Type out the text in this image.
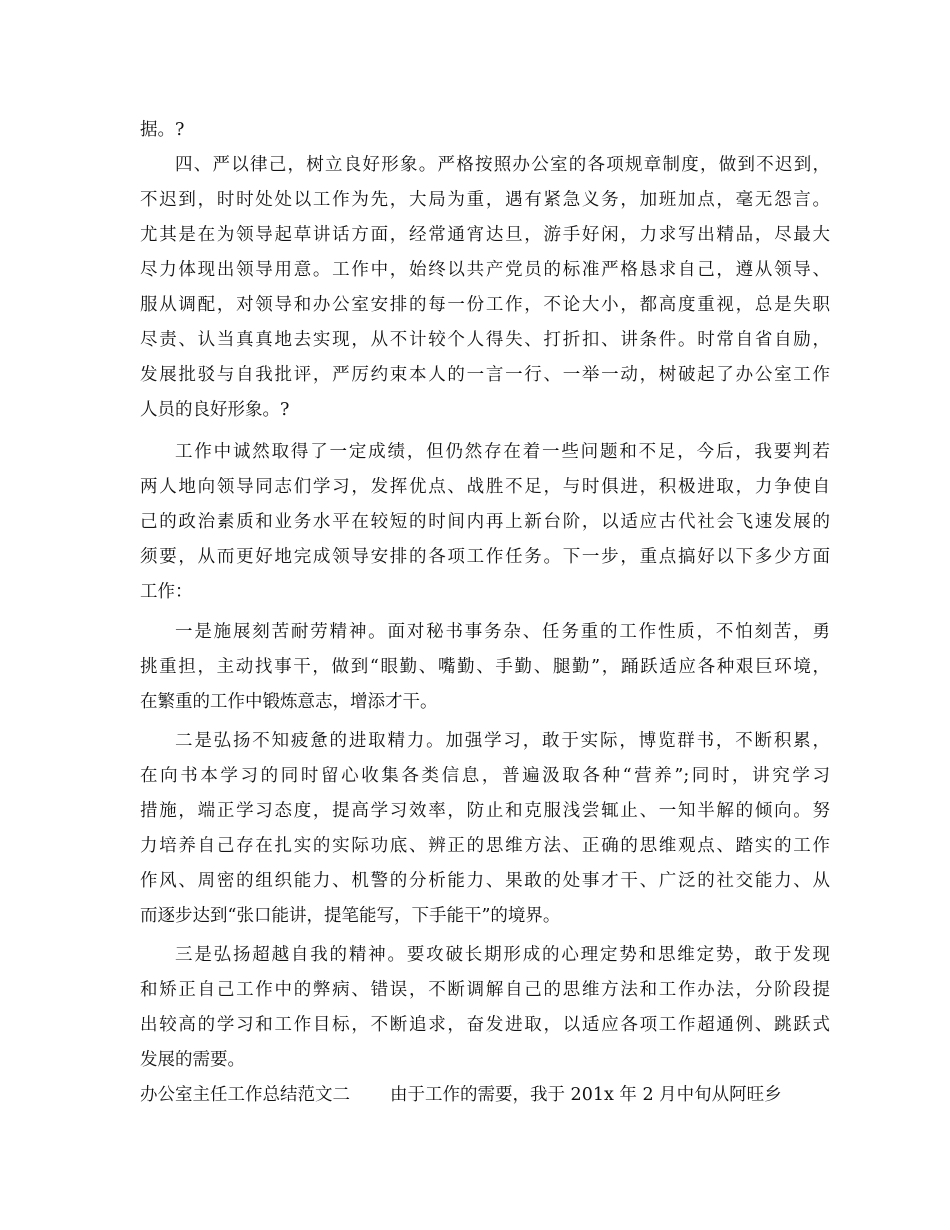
据。?
四、严以律己，树立良好形象。严格按照办公室的各项规章制度，做到不迟到，
不迟到，时时处处以工作为先，大局为重，遇有紧急义务，加班加点，毫无怨言。
尤其是在为领导起草讲话方面，经常通宵达旦，游手好闲，力求写出精品，尽最大
尽力体现出领导用意。工作中，始终以共产党员的标准严格恳求自己，遵从领导、
服从调配，对领导和办公室安排的每一份工作，不论大小，都高度重视，总是失职
尽责、认当真真地去实现，从不计较个人得失、打折扣、讲条件。时常自省自励，
发展批驳与自我批评，严厉约束本人的一言一行、一举一动，树破起了办公室工作
人员的良好形象。?
工作中诚然取得了一定成绩，但仍然存在着一些问题和不足，今后，我要判若
两人地向领导同志们学习，发挥优点、战胜不足，与时俱进，积极进取，力争使自
己的政治素质和业务水平在较短的时间内再上新台阶，以适应古代社会飞速发展的
须要，从而更好地完成领导安排的各项工作任务。下一步，重点搞好以下多少方面
工作：
一是施展刻苦耐劳精神。面对秘书事务杂、任务重的工作性质，不怕刻苦，勇
挑重担，主动找事干，做到“眼勤、嘴勤、手勤、腿勤”，踊跃适应各种艰巨环境，
在繁重的工作中锻炼意志，增添才干。
二是弘扬不知疲惫的进取精力。加强学习，敢于实际，博览群书，不断积累，
在向书本学习的同时留心收集各类信息，普遍汲取各种“营养”;同时，讲究学习
措施，端正学习态度，提高学习效率，防止和克服浅尝辄止、一知半解的倾向。努
力培养自己存在扎实的实际功底、辨正的思维方法、正确的思维观点、踏实的工作
作风、周密的组织能力、机警的分析能力、果敢的处事才干、广泛的社交能力、从
而逐步达到“张口能讲，提笔能写，下手能干”的境界。
三是弘扬超越自我的精神。要攻破长期形成的心理定势和思维定势，敢于发现
和矫正自己工作中的弊病、错误，不断调解自己的思维方法和工作办法，分阶段提
出较高的学习和工作目标，不断追求，奋发进取，以适应各项工作超通例、跳跃式
发展的需要。
办公室主任工作总结范文二 由于工作的需要，我于 201x 年 2 月中旬从阿旺乡
